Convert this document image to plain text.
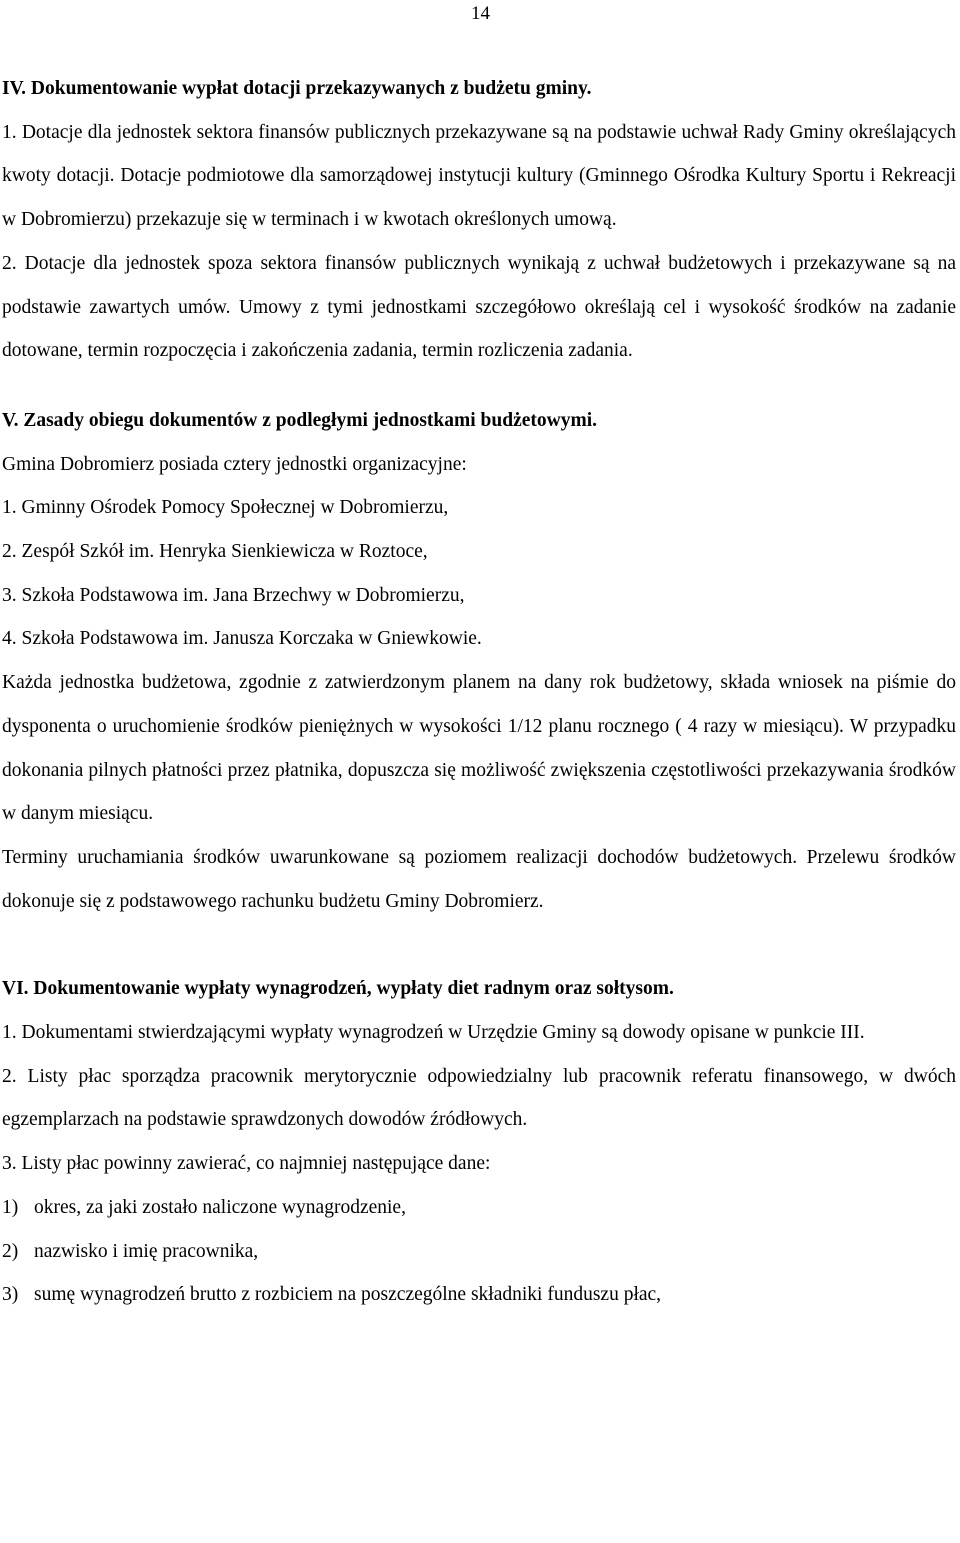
14
IV. Dokumentowanie wypłat dotacji przekazywanych z budżetu gminy.

1. Dotacje dla jednostek sektora finansów publicznych przekazywane są na podstawie uchwał Rady Gminy określających kwoty dotacji. Dotacje podmiotowe dla samorządowej instytucji kultury (Gminnego Ośrodka Kultury Sportu i Rekreacji w Dobromierzu) przekazuje się w terminach i w kwotach określonych umową.

2. Dotacje dla jednostek spoza sektora finansów publicznych wynikają z uchwał budżetowych i przekazywane są na podstawie zawartych umów. Umowy z tymi jednostkami szczegółowo określają cel i wysokość środków na zadanie dotowane, termin rozpoczęcia i zakończenia zadania, termin rozliczenia zadania.

V. Zasady obiegu dokumentów z podległymi jednostkami budżetowymi.
Gmina Dobromierz posiada cztery jednostki organizacyjne:
1. Gminny Ośrodek Pomocy Społecznej w Dobromierzu,
2. Zespół Szkół im. Henryka Sienkiewicza w Roztoce,
3. Szkoła Podstawowa im. Jana Brzechwy w Dobromierzu,
4. Szkoła Podstawowa im. Janusza Korczaka w Gniewkowie.

Każda jednostka budżetowa, zgodnie z zatwierdzonym planem na dany rok budżetowy, składa wniosek na piśmie do dysponenta o uruchomienie środków pieniężnych w wysokości 1/12 planu rocznego ( 4 razy w miesiącu). W przypadku dokonania pilnych płatności przez płatnika, dopuszcza się możliwość zwiększenia częstotliwości przekazywania środków w danym miesiącu.

Terminy uruchamiania środków uwarunkowane są poziomem realizacji dochodów budżetowych. Przelewu środków dokonuje się z podstawowego rachunku budżetu Gminy Dobromierz.

VI. Dokumentowanie wypłaty wynagrodzeń, wypłaty diet radnym oraz sołtysom.

1. Dokumentami stwierdzającymi wypłaty wynagrodzeń w Urzędzie Gminy są dowody opisane w punkcie III.

2. Listy płac sporządza pracownik merytorycznie odpowiedzialny lub pracownik referatu finansowego, w dwóch egzemplarzach na podstawie sprawdzonych dowodów źródłowych.

3. Listy płac powinny zawierać, co najmniej następujące dane:
1) okres, za jaki zostało naliczone wynagrodzenie,
2) nazwisko i imię pracownika,
3) sumę wynagrodzeń brutto z rozbiciem na poszczególne składniki funduszu płac,
